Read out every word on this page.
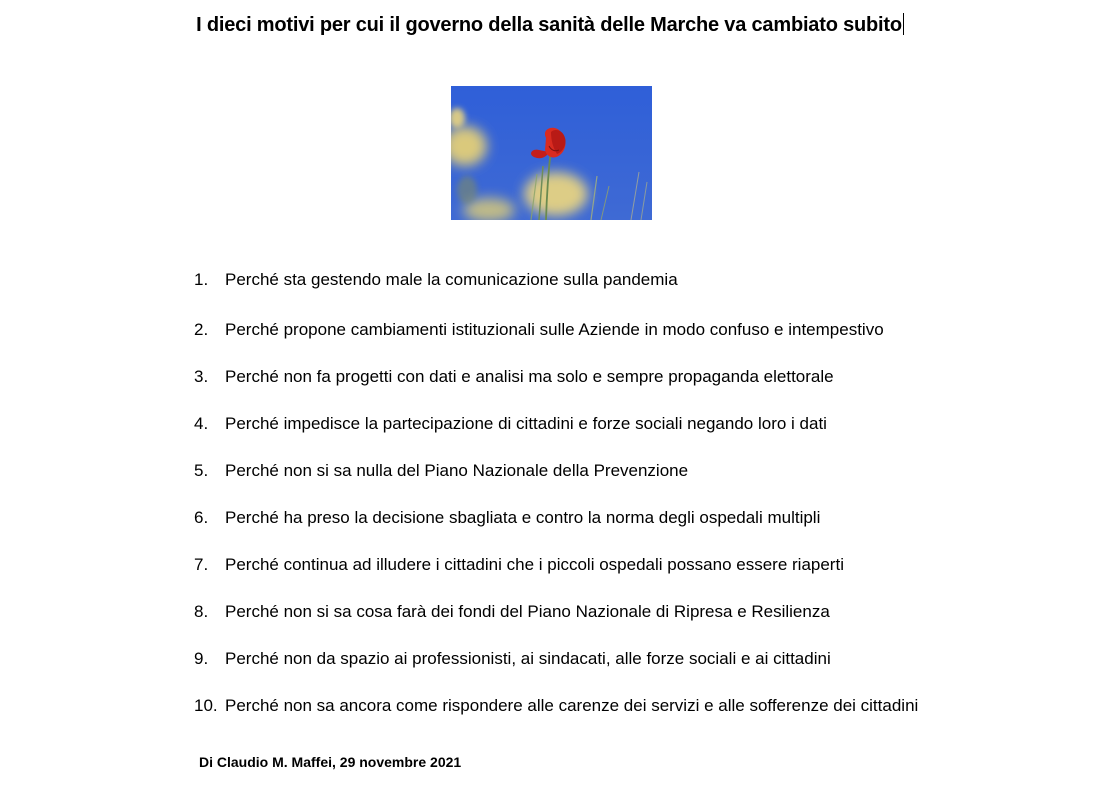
I dieci motivi per cui il governo della sanità delle Marche va cambiato subito
1. Perché sta gestendo male la comunicazione sulla pandemia
2. Perché propone cambiamenti istituzionali sulle Aziende in modo confuso e intempestivo
3. Perché non fa progetti con dati e analisi ma solo e sempre propaganda elettorale
4. Perché impedisce la partecipazione di cittadini e forze sociali negando loro i dati
5. Perché non si sa nulla del Piano Nazionale della Prevenzione
6. Perché ha preso la decisione sbagliata e contro la norma degli ospedali multipli
7. Perché continua ad illudere i cittadini che i piccoli ospedali possano essere riaperti
8. Perché non si sa cosa farà dei fondi del Piano Nazionale di Ripresa e Resilienza
9. Perché non da spazio ai professionisti, ai sindacati, alle forze sociali e ai cittadini
10. Perché non sa ancora come rispondere alle carenze dei servizi e alle sofferenze dei cittadini
Di Claudio M. Maffei, 29 novembre 2021
